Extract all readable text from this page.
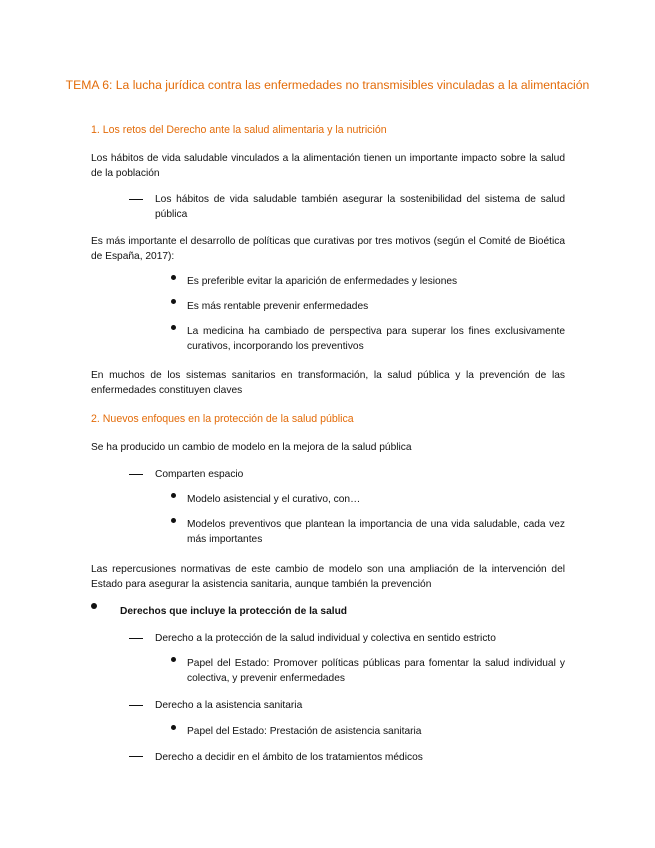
TEMA 6: La lucha jurídica contra las enfermedades no transmisibles vinculadas a la alimentación
1. Los retos del Derecho ante la salud alimentaria y la nutrición
Los hábitos de vida saludable vinculados a la alimentación tienen un importante impacto sobre la salud de la población
Los hábitos de vida saludable también asegurar la sostenibilidad del sistema de salud pública
Es más importante el desarrollo de políticas que curativas por tres motivos (según el Comité de Bioética de España, 2017):
Es preferible evitar la aparición de enfermedades y lesiones
Es más rentable prevenir enfermedades
La medicina ha cambiado de perspectiva para superar los fines exclusivamente curativos, incorporando los preventivos
En muchos de los sistemas sanitarios en transformación, la salud pública y la prevención de las enfermedades constituyen claves
2. Nuevos enfoques en la protección de la salud pública
Se ha producido un cambio de modelo en la mejora de la salud pública
Comparten espacio
Modelo asistencial y el curativo, con…
Modelos preventivos que plantean la importancia de una vida saludable, cada vez más importantes
Las repercusiones normativas de este cambio de modelo son una ampliación de la intervención del Estado para asegurar la asistencia sanitaria, aunque también la prevención
Derechos que incluye la protección de la salud
Derecho a la protección de la salud individual y colectiva en sentido estricto
Papel del Estado: Promover políticas públicas para fomentar la salud individual y colectiva, y prevenir enfermedades
Derecho a la asistencia sanitaria
Papel del Estado: Prestación de asistencia sanitaria
Derecho a decidir en el ámbito de los tratamientos médicos
